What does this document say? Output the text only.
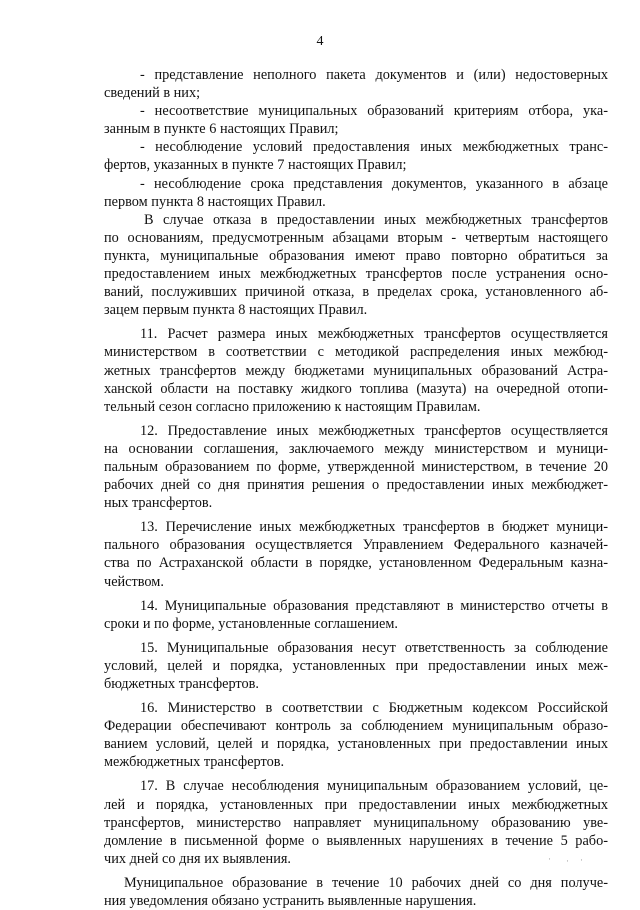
4
- представление неполного пакета документов и (или) недостоверных
сведений в них;
- несоответствие муниципальных образований критериям отбора, ука-
занным в пункте 6 настоящих Правил;
- несоблюдение условий предоставления иных межбюджетных транс-
фертов, указанных в пункте 7 настоящих Правил;
- несоблюдение срока представления документов, указанного в абзаце
первом пункта 8 настоящих Правил.
В случае отказа в предоставлении иных межбюджетных трансфертов
по основаниям, предусмотренным абзацами вторым - четвертым настоящего
пункта, муниципальные образования имеют право повторно обратиться за
предоставлением иных межбюджетных трансфертов после устранения осно-
ваний, послуживших причиной отказа, в пределах срока, установленного аб-
зацем первым пункта 8 настоящих Правил.
11. Расчет размера иных межбюджетных трансфертов осуществляется
министерством в соответствии с методикой распределения иных межбюд-
жетных трансфертов между бюджетами муниципальных образований Астра-
ханской области на поставку жидкого топлива (мазута) на очередной отопи-
тельный сезон согласно приложению к настоящим Правилам.
12. Предоставление иных межбюджетных трансфертов осуществляется
на основании соглашения, заключаемого между министерством и муници-
пальным образованием по форме, утвержденной министерством, в течение 20
рабочих дней со дня принятия решения о предоставлении иных межбюджет-
ных трансфертов.
13. Перечисление иных межбюджетных трансфертов в бюджет муници-
пального образования осуществляется Управлением Федерального казначей-
ства по Астраханской области в порядке, установленном Федеральным казна-
чейством.
14. Муниципальные образования представляют в министерство отчеты в
сроки и по форме, установленные соглашением.
15. Муниципальные образования несут ответственность за соблюдение
условий, целей и порядка, установленных при предоставлении иных меж-
бюджетных трансфертов.
16. Министерство в соответствии с Бюджетным кодексом Российской
Федерации обеспечивают контроль за соблюдением муниципальным образо-
ванием условий, целей и порядка, установленных при предоставлении иных
межбюджетных трансфертов.
17. В случае несоблюдения муниципальным образованием условий, це-
лей и порядка, установленных при предоставлении иных межбюджетных
трансфертов, министерство направляет муниципальному образованию уве-
домление в письменной форме о выявленных нарушениях в течение 5 рабо-
чих дней со дня их выявления.
Муниципальное образование в течение 10 рабочих дней со дня получе-
ния уведомления обязано устранить выявленные нарушения.
· · ·
